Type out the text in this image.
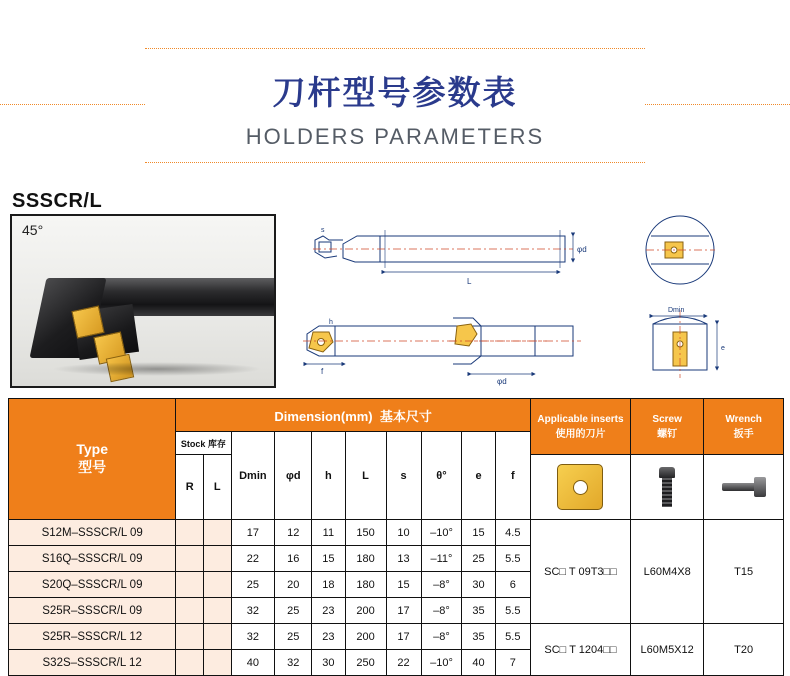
刀杆型号参数表
HOLDERS PARAMETERS
SSSCR/L
45°
L
φd
s
f
h
φd
Dmin
e
Type
型号
	Dimension(mm) 基本尺寸	Applicable inserts
使用的刀片

Screw
螺钉

Wrench
扳手

	Stock 库存		Dmin	φd	h	L	s	θ°	e	f			
	R	L									

S12M–SSSCR/L 09			17	12	11	150	10	–10°	15	4.5	SC□ T 09T3□□	L60M4X8	T15
S16Q–SSSCR/L 09			22	16	15	180	13	–11°	25	5.5			
S20Q–SSSCR/L 09			25	20	18	180	15	–8°	30	6			
S25R–SSSCR/L 09			32	25	23	200	17	–8°	35	5.5			
S25R–SSSCR/L 12			32	25	23	200	17	–8°	35	5.5	SC□ T 1204□□	L60M5X12	T20
S32S–SSSCR/L 12			40	32	30	250	22	–10°	40	7			
